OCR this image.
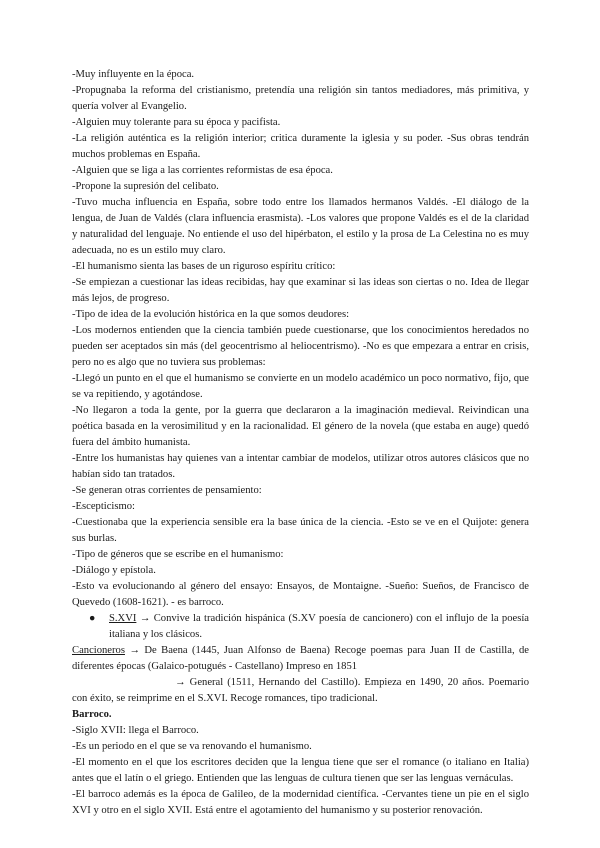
-Muy influyente en la época.

-Propugnaba la reforma del cristianismo, pretendía una religión sin tantos mediadores, más primitiva, y quería volver al Evangelio.

-Alguien muy tolerante para su época y pacifista.

-La religión auténtica es la religión interior; critica duramente la iglesia y su poder. -Sus obras tendrán muchos problemas en España.

-Alguien que se liga a las corrientes reformistas de esa época.

-Propone la supresión del celibato.

-Tuvo mucha influencia en España, sobre todo entre los llamados hermanos Valdés. -El diálogo de la lengua, de Juan de Valdés (clara influencia erasmista). -Los valores que propone Valdés es el de la claridad y naturalidad del lenguaje. No entiende el uso del hipérbaton, el estilo y la prosa de La Celestina no es muy adecuada, no es un estilo muy claro.

-El humanismo sienta las bases de un riguroso espíritu crítico:

-Se empiezan a cuestionar las ideas recibidas, hay que examinar si las ideas son ciertas o no. Idea de llegar más lejos, de progreso.

-Tipo de idea de la evolución histórica en la que somos deudores:

-Los modernos entienden que la ciencia también puede cuestionarse, que los conocimientos heredados no pueden ser aceptados sin más (del geocentrismo al heliocentrismo). -No es que empezara a entrar en crisis, pero no es algo que no tuviera sus problemas:

-Llegó un punto en el que el humanismo se convierte en un modelo académico un poco normativo, fijo, que se va repitiendo, y agotándose.

-No llegaron a toda la gente, por la guerra que declararon a la imaginación medieval. Reivindican una poética basada en la verosimilitud y en la racionalidad. El género de la novela (que estaba en auge) quedó fuera del ámbito humanista.

-Entre los humanistas hay quienes van a intentar cambiar de modelos, utilizar otros autores clásicos que no habían sido tan tratados.

-Se generan otras corrientes de pensamiento:

-Escepticismo:

-Cuestionaba que la experiencia sensible era la base única de la ciencia. -Esto se ve en el Quijote: genera sus burlas.

-Tipo de géneros que se escribe en el humanismo:

-Diálogo y epístola.

-Esto va evolucionando al género del ensayo: Ensayos, de Montaigne. -Sueño: Sueños, de Francisco de Quevedo (1608-1621). - es barroco.

● S.XVI → Convive la tradición hispánica (S.XV poesía de cancionero) con el influjo de la poesía italiana y los clásicos.

Cancioneros → De Baena (1445, Juan Alfonso de Baena) Recoge poemas para Juan II de Castilla, de diferentes épocas (Galaico-potugués - Castellano) Impreso en 1851

→ General (1511, Hernando del Castillo). Empieza en 1490, 20 años. Poemario con éxito, se reimprime en el S.XVI. Recoge romances, tipo tradicional.

Barroco.

-Siglo XVII: llega el Barroco.

-Es un periodo en el que se va renovando el humanismo.

-El momento en el que los escritores deciden que la lengua tiene que ser el romance (o italiano en Italia) antes que el latín o el griego. Entienden que las lenguas de cultura tienen que ser las lenguas vernáculas.

-El barroco además es la época de Galileo, de la modernidad científica. -Cervantes tiene un pie en el siglo XVI y otro en el siglo XVII. Está entre el agotamiento del humanismo y su posterior renovación.
